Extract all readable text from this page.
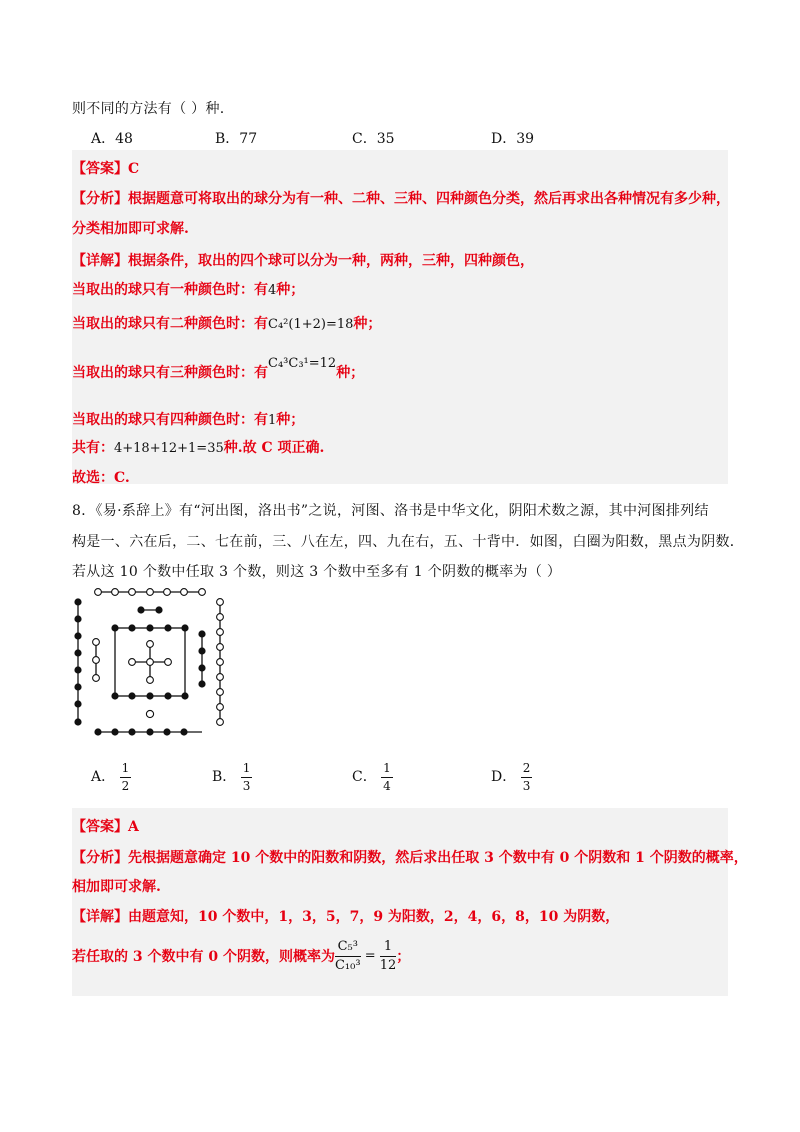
则不同的方法有（ ）种.
A．48	B．77	C．35	D．39
【答案】C
【分析】根据题意可将取出的球分为有一种、二种、三种、四种颜色分类，然后再求出各种情况有多少种，
分类相加即可求解.
【详解】根据条件，取出的四个球可以分为一种，两种，三种，四种颜色，
当取出的球只有一种颜色时：有4种；
当取出的球只有二种颜色时：有C₄²(1+2)=18种；
当取出的球只有三种颜色时：有C₄³C₃¹=12种；
当取出的球只有四种颜色时：有1种；
共有：4+18+12+1=35种.故 C 项正确.
故选：C.
8．《易·系辞上》有“河出图，洛出书”之说，河图、洛书是中华文化，阴阳术数之源，其中河图排列结
构是一、六在后，二、七在前，三、八在左，四、九在右，五、十背中．如图，白圈为阳数，黑点为阴数．
若从这 10 个数中任取 3 个数，则这 3 个数中至多有 1 个阴数的概率为（ ）
A． $\frac{1}{2}$	B． $\frac{1}{3}$	C． $\frac{1}{4}$	D． $\frac{2}{3}$
【答案】A
【分析】先根据题意确定 10 个数中的阳数和阴数，然后求出任取 3 个数中有 0 个阴数和 1 个阴数的概率，
相加即可求解.
【详解】由题意知，10 个数中，1，3，5，7，9 为阳数，2，4，6，8，10 为阴数，
若任取的 3 个数中有 0 个阴数，则概率为 $\frac{\text{C₅³}}{\text{C₁₀³}} = \frac{1}{12}$ ；
